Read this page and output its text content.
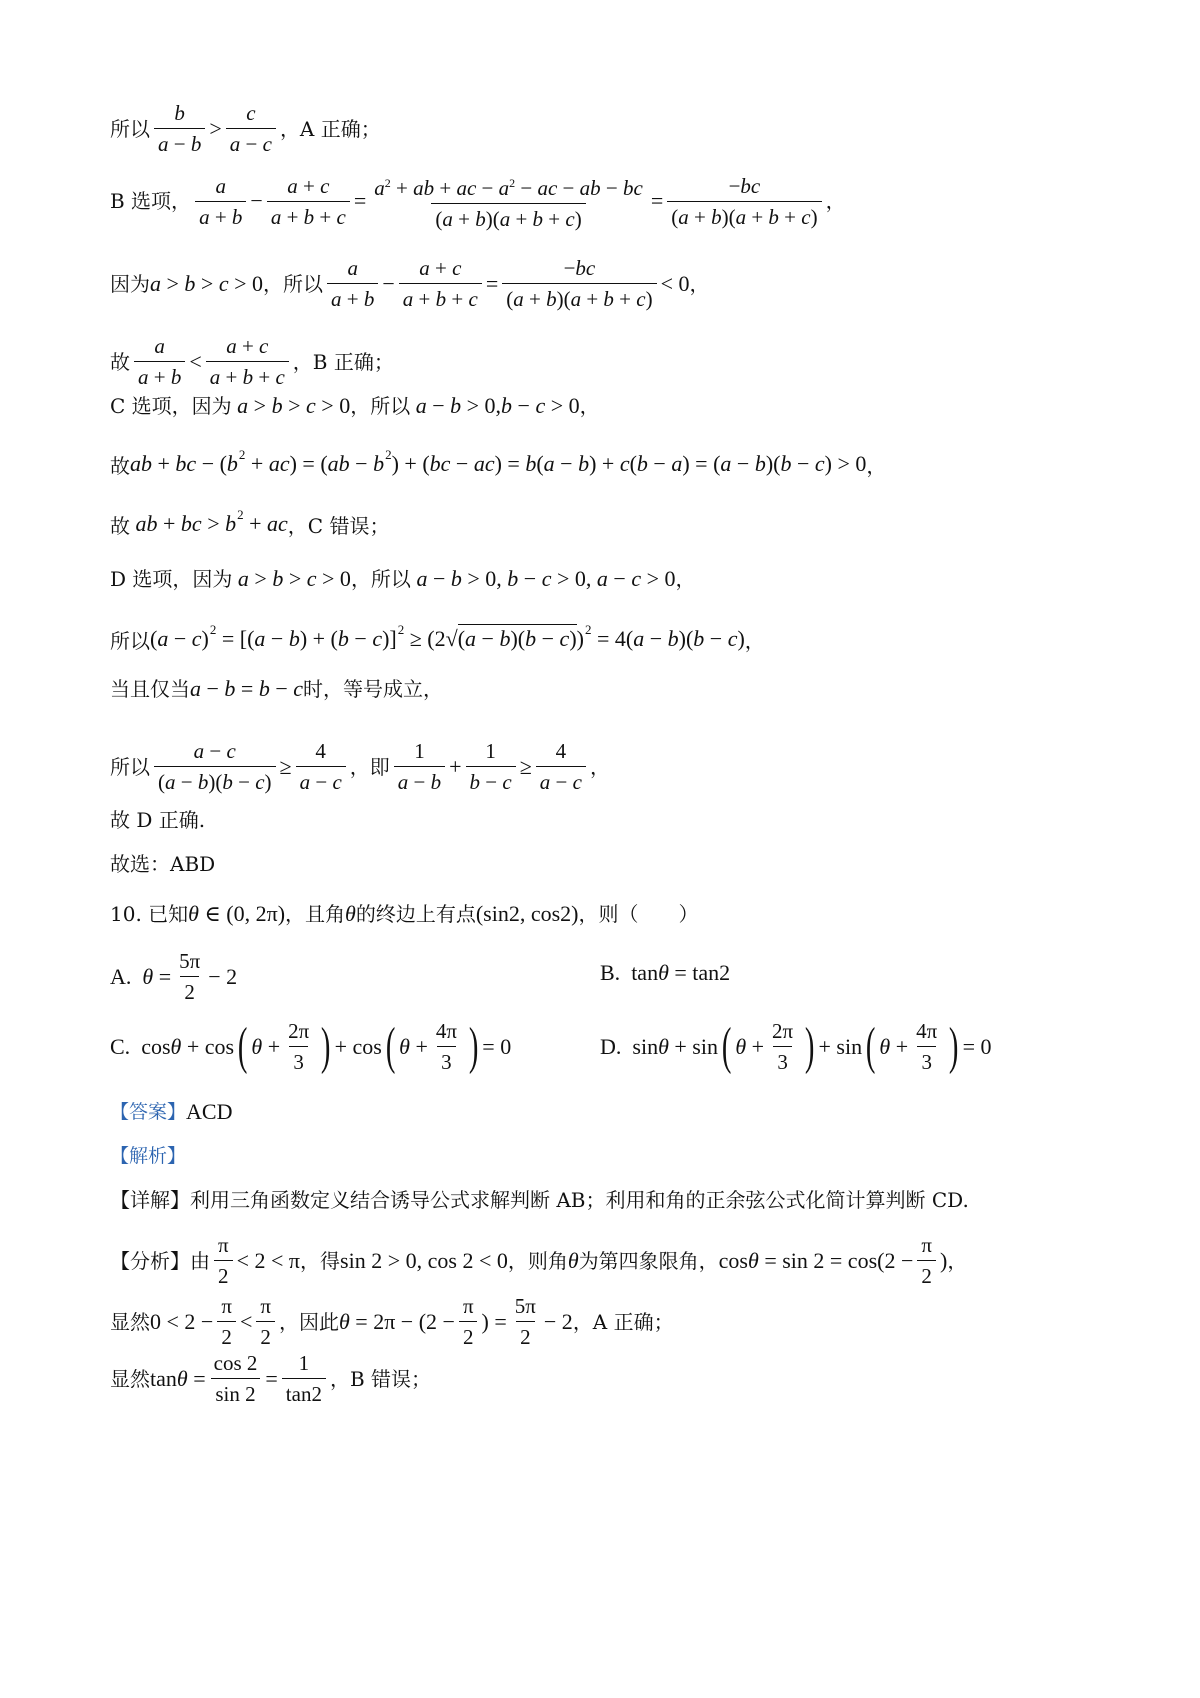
所以 $\frac{b}{a - b} > \frac{c}{a - c}$ ，A 正确；
B 选项， $\frac{a}{a + b} - \frac{a + c}{a + b + c} = \frac{a^2 + ab + ac - a^2 - ac - ab - bc}{(a + b)(a + b + c)} = \frac{-bc}{(a + b)(a + b + c)}$ ，
因为 a > b > c > 0 ，所以 $\frac{a}{a + b} - \frac{a + c}{a + b + c} = \frac{-bc}{(a + b)(a + b + c)} < 0$ ，
故 $\frac{a}{a + b} < \frac{a + c}{a + b + c}$ ，B 正确；
C 选项，因为 a > b > c > 0 ，所以 a − b > 0, b − c > 0 ，
故 ab + bc − $(b^2 + ac) = (ab - b^2) + (bc - ac) = b(a - b) + c(b - a) = (a - b)(b - c) > 0$ ，
故 ab + bc > $b^2$ + ac ，C 错误；
D 选项，因为 a > b > c > 0 ，所以 a − b > 0, b − c > 0, a − c > 0 ，
所以 $(a - c)^2 = [(a - b) + (b - c)]^2 \ge (2√(a - b)(b - c))^2 = 4(a - b)(b - c)$ ，
当且仅当 a − b = b − c 时，等号成立，
所以 $\frac{a - c}{(a - b)(b - c)} \ge \frac{4}{a - c}$ ，即 $\frac{1}{a - b} + \frac{1}{b - c} \ge \frac{4}{a - c}$ ，
故 D 正确.
故选：ABD
10. 已知 θ ∈ (0, 2π) ，且角 θ 的终边上有点 (sin2, cos2) ，则（　　）
A. $\theta = \frac{5\pi}{2} - 2$	B. tanθ = tan2
C. cosθ + cos ( $\theta + \frac{2\pi}{3}$ ) + cos ( $\theta + \frac{4\pi}{3}$ ) = 0	D. sinθ + sin ( $\theta + \frac{2\pi}{3}$ ) + sin ( $\theta + \frac{4\pi}{3}$ ) = 0
【答案】 ACD
【解析】
【详解】利用三角函数定义结合诱导公式求解判断 AB；利用和角的正余弦公式化简计算判断 CD.
【分析】由 $\frac{\pi}{2} < 2 < \pi$ ，得 sin 2 > 0, cos 2 < 0 ，则角 θ 为第四象限角， $\cos\theta = \sin 2 = \cos(2 - \frac{\pi}{2}$ ) ，
显然 $0 < 2 - \frac{\pi}{2} < \frac{\pi}{2}$ ，因此 $\theta = 2\pi - (2 - \frac{\pi}{2}$ ) = $\frac{5\pi}{2} - 2$ ，A 正确；
显然 $\tan\theta = \frac{\cos 2}{\sin 2} = \frac{1}{\tan 2}$ ，B 错误；
